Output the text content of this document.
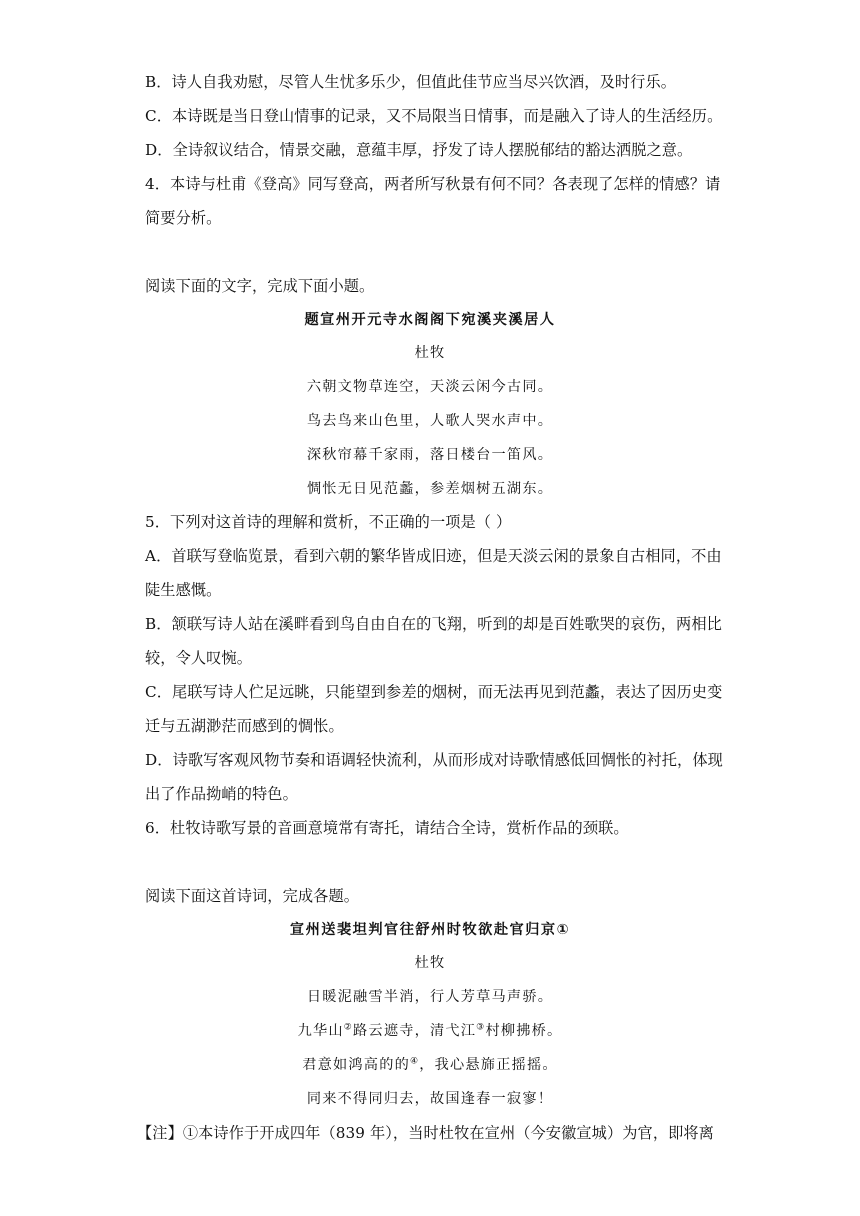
B．诗人自我劝慰，尽管人生忧多乐少，但值此佳节应当尽兴饮酒，及时行乐。
C．本诗既是当日登山情事的记录，又不局限当日情事，而是融入了诗人的生活经历。
D．全诗叙议结合，情景交融，意蕴丰厚，抒发了诗人摆脱郁结的豁达洒脱之意。
4．本诗与杜甫《登高》同写登高，两者所写秋景有何不同？各表现了怎样的情感？请
简要分析。
阅读下面的文字，完成下面小题。
题宣州开元寺水阁阁下宛溪夹溪居人
杜牧
六朝文物草连空，天淡云闲今古同。
鸟去鸟来山色里，人歌人哭水声中。
深秋帘幕千家雨，落日楼台一笛风。
惆怅无日见范蠡，参差烟树五湖东。
5．下列对这首诗的理解和赏析，不正确的一项是（ ）
A．首联写登临览景，看到六朝的繁华皆成旧迹，但是天淡云闲的景象自古相同，不由
陡生感慨。
B．颔联写诗人站在溪畔看到鸟自由自在的飞翔，听到的却是百姓歌哭的哀伤，两相比
较，令人叹惋。
C．尾联写诗人伫足远眺，只能望到参差的烟树，而无法再见到范蠡，表达了因历史变
迁与五湖渺茫而感到的惆怅。
D．诗歌写客观风物节奏和语调轻快流利，从而形成对诗歌情感低回惆怅的衬托，体现
出了作品拗峭的特色。
6．杜牧诗歌写景的音画意境常有寄托，请结合全诗，赏析作品的颈联。
阅读下面这首诗词，完成各题。
宣州送裴坦判官往舒州时牧欲赴官归京①
杜牧
日暖泥融雪半消，行人芳草马声骄。
九华山②路云遮寺，清弋江③村柳拂桥。
君意如鸿高的的④，我心悬旆正摇摇。
同来不得同归去，故国逢春一寂寥！
【注】①本诗作于开成四年（839 年），当时杜牧在宣州（今安徽宣城）为官，即将离
